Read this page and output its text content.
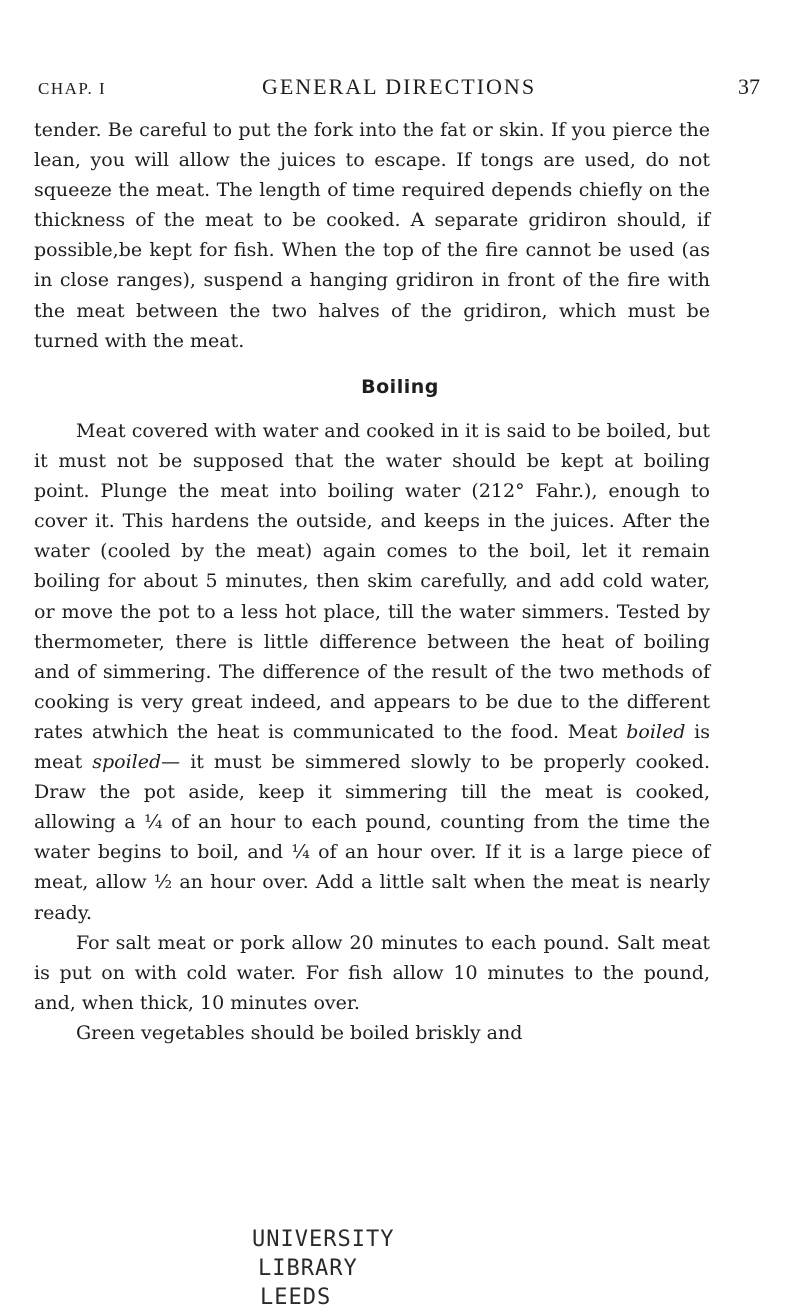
CHAP. I	GENERAL DIRECTIONS	37

tender. Be careful to put the fork into the fat or skin. If you pierce the lean, you will allow the juices to escape. If tongs are used, do not squeeze the meat. The length of time required depends chiefly on the thickness of the meat to be cooked. A separate gridiron should, if possible,be kept for fish. When the top of the fire cannot be used (as in close ranges), suspend a hanging gridiron in front of the fire with the meat between the two halves of the gridiron, which must be turned with the meat.

Boiling

Meat covered with water and cooked in it is said to be boiled, but it must not be supposed that the water should be kept at boiling point. Plunge the meat into boiling water (212° Fahr.), enough to cover it. This hardens the outside, and keeps in the juices. After the water (cooled by the meat) again comes to the boil, let it remain boiling for about 5 minutes, then skim carefully, and add cold water, or move the pot to a less hot place, till the water simmers. Tested by thermometer, there is little difference between the heat of boiling and of simmering. The difference of the result of the two methods of cooking is very great indeed, and appears to be due to the different rates atwhich the heat is communicated to the food. Meat boiled is meat spoiled— it must be simmered slowly to be properly cooked. Draw the pot aside, keep it simmering till the meat is cooked, allowing a ¼ of an hour to each pound, counting from the time the water begins to boil, and ¼ of an hour over. If it is a large piece of meat, allow ½ an hour over. Add a little salt when the meat is nearly ready.

For salt meat or pork allow 20 minutes to each pound. Salt meat is put on with cold water. For fish allow 10 minutes to the pound, and, when thick, 10 minutes over.

Green vegetables should be boiled briskly and

UNIVERSITY
LIBRARY
LEEDS
